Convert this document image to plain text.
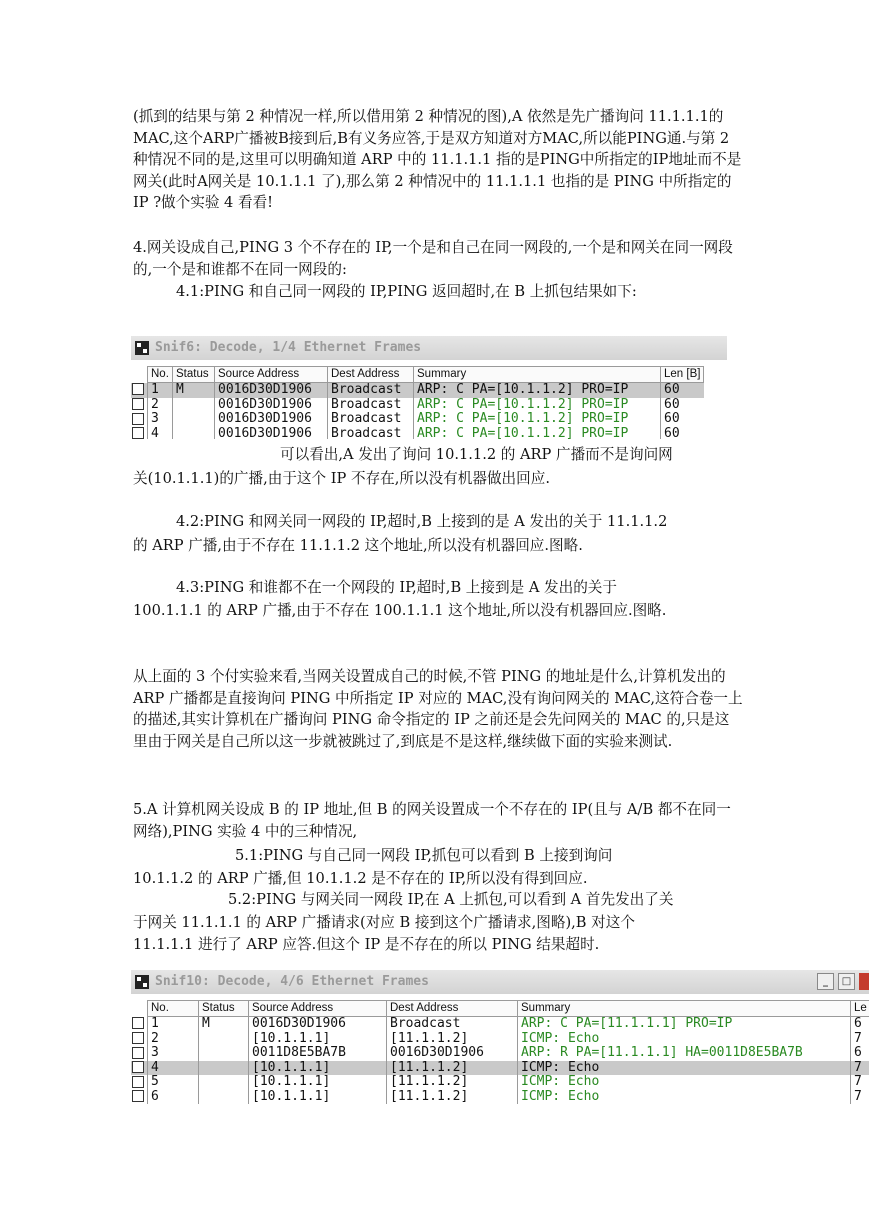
(抓到的结果与第 2 种情况一样,所以借用第 2 种情况的图),A 依然是先广播询问 11.1.1.1的MAC,这个ARP广播被B接到后,B有义务应答,于是双方知道对方MAC,所以能PING通.与第 2 种情况不同的是,这里可以明确知道 ARP 中的 11.1.1.1 指的是PING中所指定的IP地址而不是网关(此时A网关是 10.1.1.1 了),那么第 2 种情况中的 11.1.1.1 也指的是 PING 中所指定的 IP ?做个实验 4 看看!

4.网关设成自己,PING 3 个不存在的 IP,一个是和自己在同一网段的,一个是和网关在同一网段的,一个是和谁都不在同一网段的:

4.1:PING 和自己同一网段的 IP,PING 返回超时,在 B 上抓包结果如下:

Snif6: Decode, 1/4 Ethernet Frames
	No.	Status	Source Address	Dest Address	Summary	Len [B]
	1	M	0016D30D1906	Broadcast	ARP: C PA=[10.1.1.2] PRO=IP	60
	2		0016D30D1906	Broadcast	ARP: C PA=[10.1.1.2] PRO=IP	60
	3		0016D30D1906	Broadcast	ARP: C PA=[10.1.1.2] PRO=IP	60
	4		0016D30D1906	Broadcast	ARP: C PA=[10.1.1.2] PRO=IP	60

可以看出,A 发出了询问 10.1.1.2 的 ARP 广播而不是询问网

关(10.1.1.1)的广播,由于这个 IP 不存在,所以没有机器做出回应.

4.2:PING 和网关同一网段的 IP,超时,B 上接到的是 A 发出的关于 11.1.1.2

的 ARP 广播,由于不存在 11.1.1.2 这个地址,所以没有机器回应.图略.

4.3:PING 和谁都不在一个网段的 IP,超时,B 上接到是 A 发出的关于

100.1.1.1 的 ARP 广播,由于不存在 100.1.1.1 这个地址,所以没有机器回应.图略.

从上面的 3 个付实验来看,当网关设置成自己的时候,不管 PING 的地址是什么,计算机发出的 ARP 广播都是直接询问 PING 中所指定 IP 对应的 MAC,没有询问网关的 MAC,这符合卷一上的描述,其实计算机在广播询问 PING 命令指定的 IP 之前还是会先问网关的 MAC 的,只是这里由于网关是自己所以这一步就被跳过了,到底是不是这样,继续做下面的实验来测试.

5.A 计算机网关设成 B 的 IP 地址,但 B 的网关设置成一个不存在的 IP(且与 A/B 都不在同一网络),PING 实验 4 中的三种情况,

5.1:PING 与自己同一网段 IP,抓包可以看到 B 上接到询问

10.1.1.2 的 ARP 广播,但 10.1.1.2 是不存在的 IP,所以没有得到回应.

5.2:PING 与网关同一网段 IP,在 A 上抓包,可以看到 A 首先发出了关

于网关 11.1.1.1 的 ARP 广播请求(对应 B 接到这个广播请求,图略),B 对这个

11.1.1.1 进行了 ARP 应答.但这个 IP 是不存在的所以 PING 结果超时.

Snif10: Decode, 4/6 Ethernet Frames	_	□
	No.	Status	Source Address	Dest Address	Summary	Le
	1	M	0016D30D1906	Broadcast	ARP: C PA=[11.1.1.1] PRO=IP	6
	2		[10.1.1.1]	[11.1.1.2]	ICMP: Echo	7
	3		0011D8E5BA7B	0016D30D1906	ARP: R PA=[11.1.1.1] HA=0011D8E5BA7B	6
	4		[10.1.1.1]	[11.1.1.2]	ICMP: Echo	7
	5		[10.1.1.1]	[11.1.1.2]	ICMP: Echo	7
	6		[10.1.1.1]	[11.1.1.2]	ICMP: Echo	7
